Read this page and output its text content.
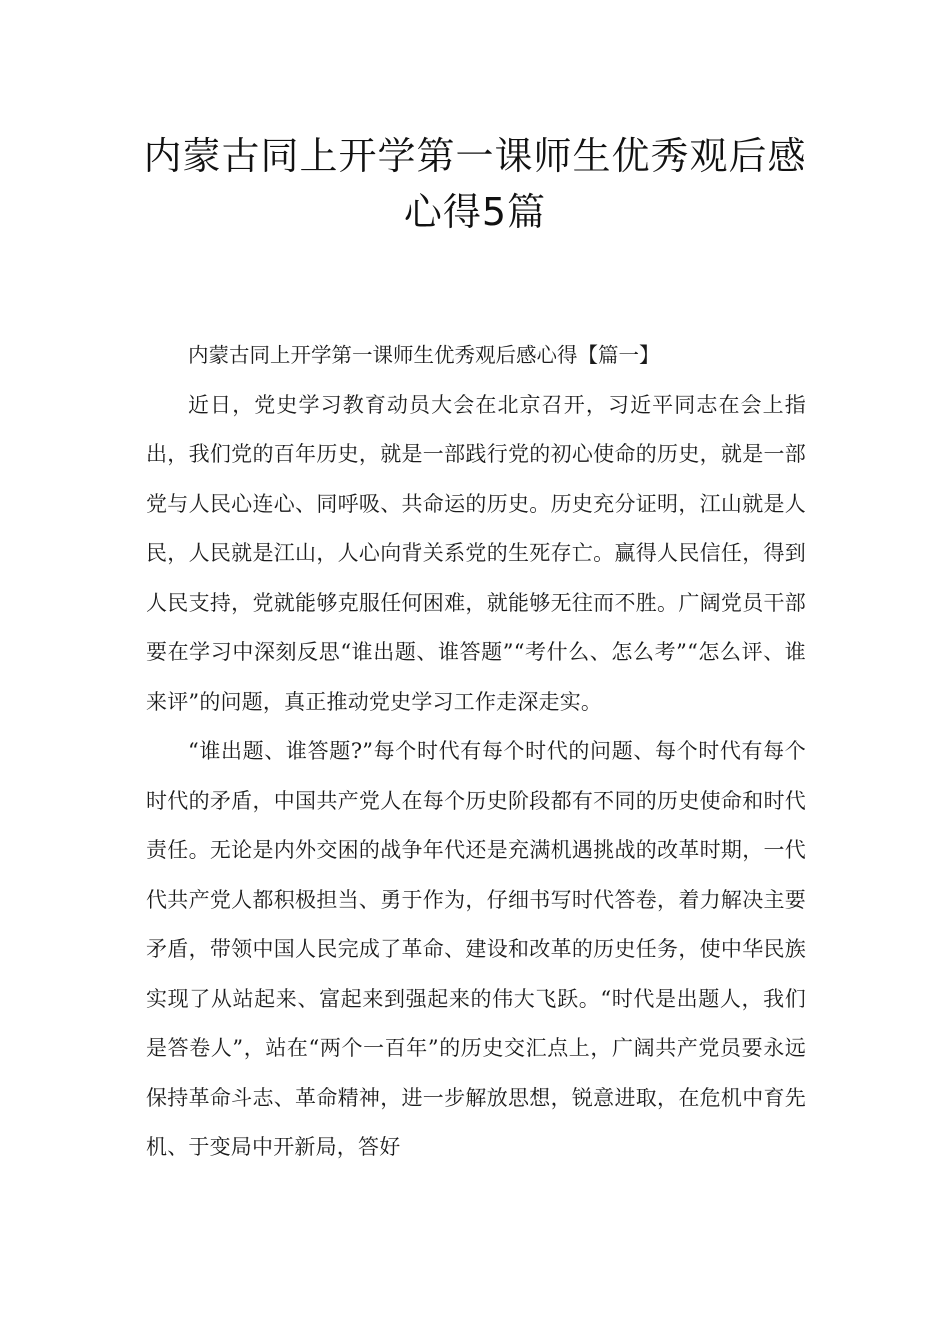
内蒙古同上开学第一课师生优秀观后感
心得5篇

内蒙古同上开学第一课师生优秀观后感心得【篇一】

近日，党史学习教育动员大会在北京召开，习近平同志在会上指出，我们党的百年历史，就是一部践行党的初心使命的历史，就是一部党与人民心连心、同呼吸、共命运的历史。历史充分证明，江山就是人民，人民就是江山，人心向背关系党的生死存亡。赢得人民信任，得到人民支持，党就能够克服任何困难，就能够无往而不胜。广阔党员干部要在学习中深刻反思“谁出题、谁答题”“考什么、怎么考”“怎么评、谁来评”的问题，真正推动党史学习工作走深走实。

“谁出题、谁答题?”每个时代有每个时代的问题、每个时代有每个时代的矛盾，中国共产党人在每个历史阶段都有不同的历史使命和时代责任。无论是内外交困的战争年代还是充满机遇挑战的改革时期，一代代共产党人都积极担当、勇于作为，仔细书写时代答卷，着力解决主要矛盾，带领中国人民完成了革命、建设和改革的历史任务，使中华民族实现了从站起来、富起来到强起来的伟大飞跃。“时代是出题人，我们是答卷人”，站在“两个一百年”的历史交汇点上，广阔共产党员要永远保持革命斗志、革命精神，进一步解放思想，锐意进取，在危机中育先机、于变局中开新局，答好
